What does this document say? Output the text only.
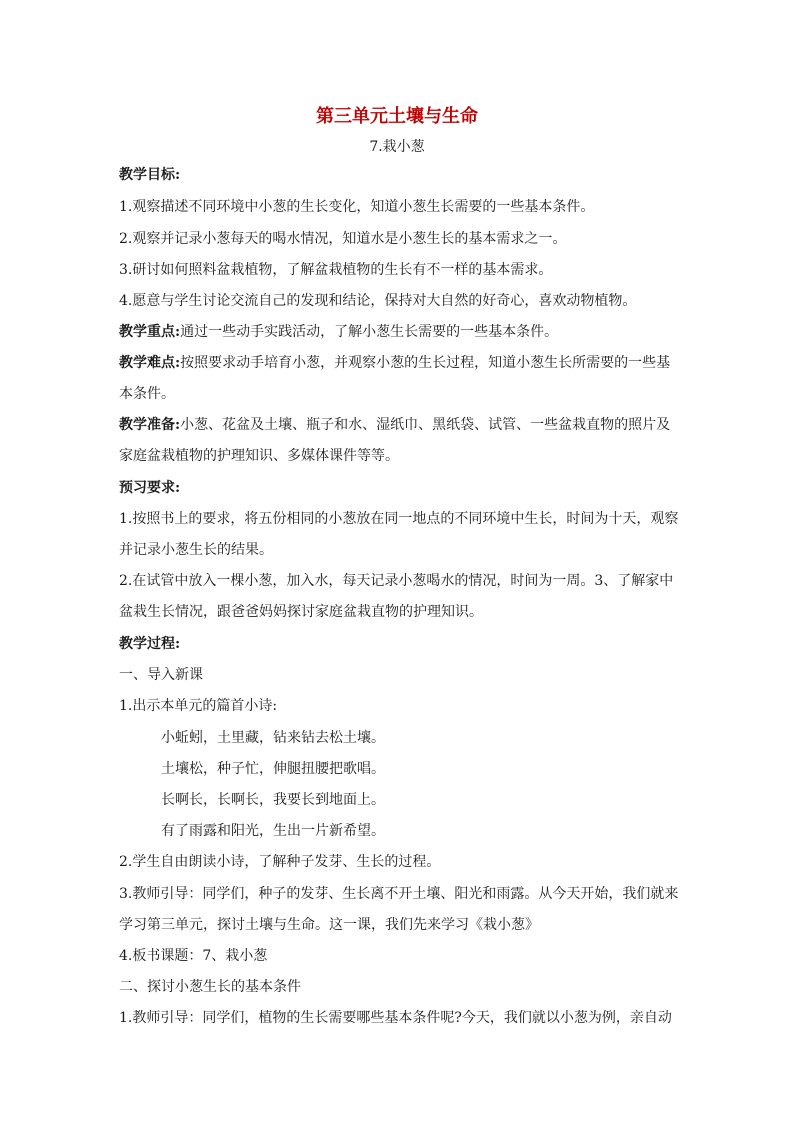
第三单元土壤与生命
7.栽小葱
教学目标:
1.观察描述不同环境中小葱的生长变化，知道小葱生长需要的一些基本条件。
2.观察并记录小葱每天的喝水情况，知道水是小葱生长的基本需求之一。
3.研讨如何照料盆栽植物，了解盆栽植物的生长有不一样的基本需求。
4.愿意与学生讨论交流自己的发现和结论，保持对大自然的好奇心，喜欢动物植物。
教学重点:通过一些动手实践活动，了解小葱生长需要的一些基本条件。
教学难点:按照要求动手培育小葱，并观察小葱的生长过程，知道小葱生长所需要的一些基
本条件。
教学准备:小葱、花盆及土壤、瓶子和水、湿纸巾、黑纸袋、试管、一些盆栽直物的照片及
家庭盆栽植物的护理知识、多媒体课件等等。
预习要求:
1.按照书上的要求，将五份相同的小葱放在同一地点的不同环境中生长，时间为十天，观察
并记录小葱生长的结果。
2.在试管中放入一棵小葱，加入水，每天记录小葱喝水的情况，时间为一周。3、了解家中
盆栽生长情况，跟爸爸妈妈探讨家庭盆栽直物的护理知识。
教学过程:
一、导入新课
1.出示本单元的篇首小诗:
小蚯蚓，土里藏，钻来钻去松土壤。
土壤松，种子忙，伸腿扭腰把歌唱。
长啊长，长啊长，我要长到地面上。
有了雨露和阳光，生出一片新希望。
2.学生自由朗读小诗，了解种子发芽、生长的过程。
3.教师引导：同学们，种子的发芽、生长离不开土壤、阳光和雨露。从今天开始，我们就来
学习第三单元，探讨土壤与生命。这一课，我们先来学习《栽小葱》
4.板书课题：7、栽小葱
二、探讨小葱生长的基本条件
1.教师引导：同学们，植物的生长需要哪些基本条件呢?今天，我们就以小葱为例，亲自动
